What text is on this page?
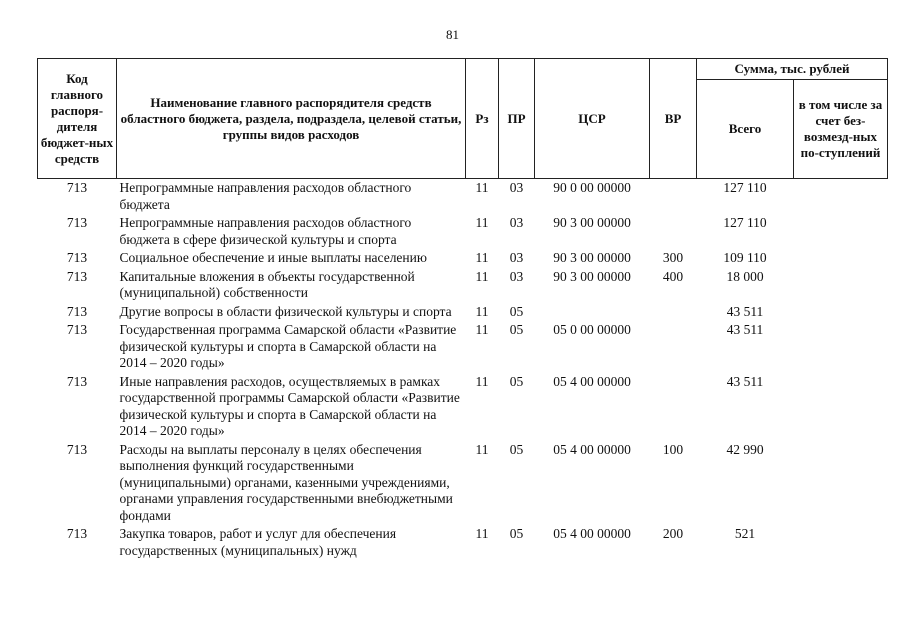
81
Код главного распоря-дителя бюджет-ных средств	Наименование главного распорядителя средств областного бюджета, раздела, подраздела, целевой статьи, группы видов расходов	Рз	ПР	ЦСР	ВР	Сумма, тыс. рублей	
						Всего	в том числе за счет без-возмезд-ных по-ступлений
713	Непрограммные направления расходов областного бюджета	11	03	90 0 00 00000		127 110	
713	Непрограммные направления расходов областного бюджета в сфере физической культуры и спорта	11	03	90 3 00 00000		127 110	
713	Социальное обеспечение и иные выплаты населению	11	03	90 3 00 00000	300	109 110	
713	Капитальные вложения в объекты государственной (муниципальной) собственности	11	03	90 3 00 00000	400	18 000	
713	Другие вопросы в области физической культуры и спорта	11	05			43 511	
713	Государственная программа Самарской области «Развитие физической культуры и спорта в Самарской области на 2014 – 2020 годы»	11	05	05 0 00 00000		43 511	
713	Иные направления расходов, осуществляемых в рамках государственной программы Самарской области «Развитие физической культуры и спорта в Самарской области на 2014 – 2020 годы»	11	05	05 4 00 00000		43 511	
713	Расходы на выплаты персоналу в целях обеспечения выполнения функций государственными (муниципальными) органами, казенными учреждениями, органами управления государственными внебюджетными фондами	11	05	05 4 00 00000	100	42 990	
713	Закупка товаров, работ и услуг для обеспечения государственных (муниципальных) нужд	11	05	05 4 00 00000	200	521	
